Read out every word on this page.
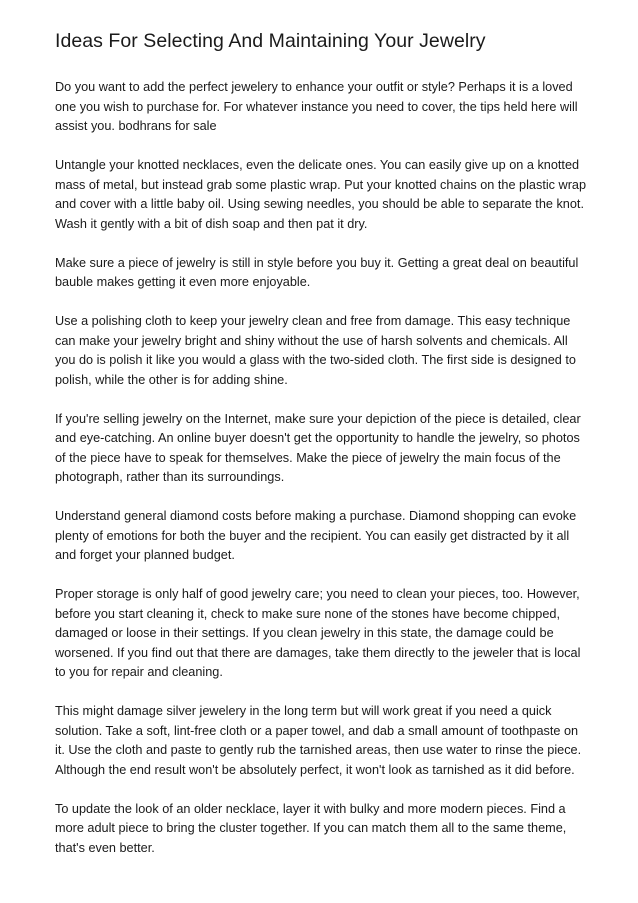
Ideas For Selecting And Maintaining Your Jewelry

Do you want to add the perfect jewelery to enhance your outfit or style? Perhaps it is a loved one you wish to purchase for. For whatever instance you need to cover, the tips held here will assist you. bodhrans for sale

Untangle your knotted necklaces, even the delicate ones. You can easily give up on a knotted mass of metal, but instead grab some plastic wrap. Put your knotted chains on the plastic wrap and cover with a little baby oil. Using sewing needles, you should be able to separate the knot. Wash it gently with a bit of dish soap and then pat it dry.

Make sure a piece of jewelry is still in style before you buy it. Getting a great deal on beautiful bauble makes getting it even more enjoyable.

Use a polishing cloth to keep your jewelry clean and free from damage. This easy technique can make your jewelry bright and shiny without the use of harsh solvents and chemicals. All you do is polish it like you would a glass with the two-sided cloth. The first side is designed to polish, while the other is for adding shine.

If you're selling jewelry on the Internet, make sure your depiction of the piece is detailed, clear and eye-catching. An online buyer doesn't get the opportunity to handle the jewelry, so photos of the piece have to speak for themselves. Make the piece of jewelry the main focus of the photograph, rather than its surroundings.

Understand general diamond costs before making a purchase. Diamond shopping can evoke plenty of emotions for both the buyer and the recipient. You can easily get distracted by it all and forget your planned budget.

Proper storage is only half of good jewelry care; you need to clean your pieces, too. However, before you start cleaning it, check to make sure none of the stones have become chipped, damaged or loose in their settings. If you clean jewelry in this state, the damage could be worsened. If you find out that there are damages, take them directly to the jeweler that is local to you for repair and cleaning.

This might damage silver jewelery in the long term but will work great if you need a quick solution. Take a soft, lint-free cloth or a paper towel, and dab a small amount of toothpaste on it. Use the cloth and paste to gently rub the tarnished areas, then use water to rinse the piece. Although the end result won't be absolutely perfect, it won't look as tarnished as it did before.

To update the look of an older necklace, layer it with bulky and more modern pieces. Find a more adult piece to bring the cluster together. If you can match them all to the same theme, that's even better.
